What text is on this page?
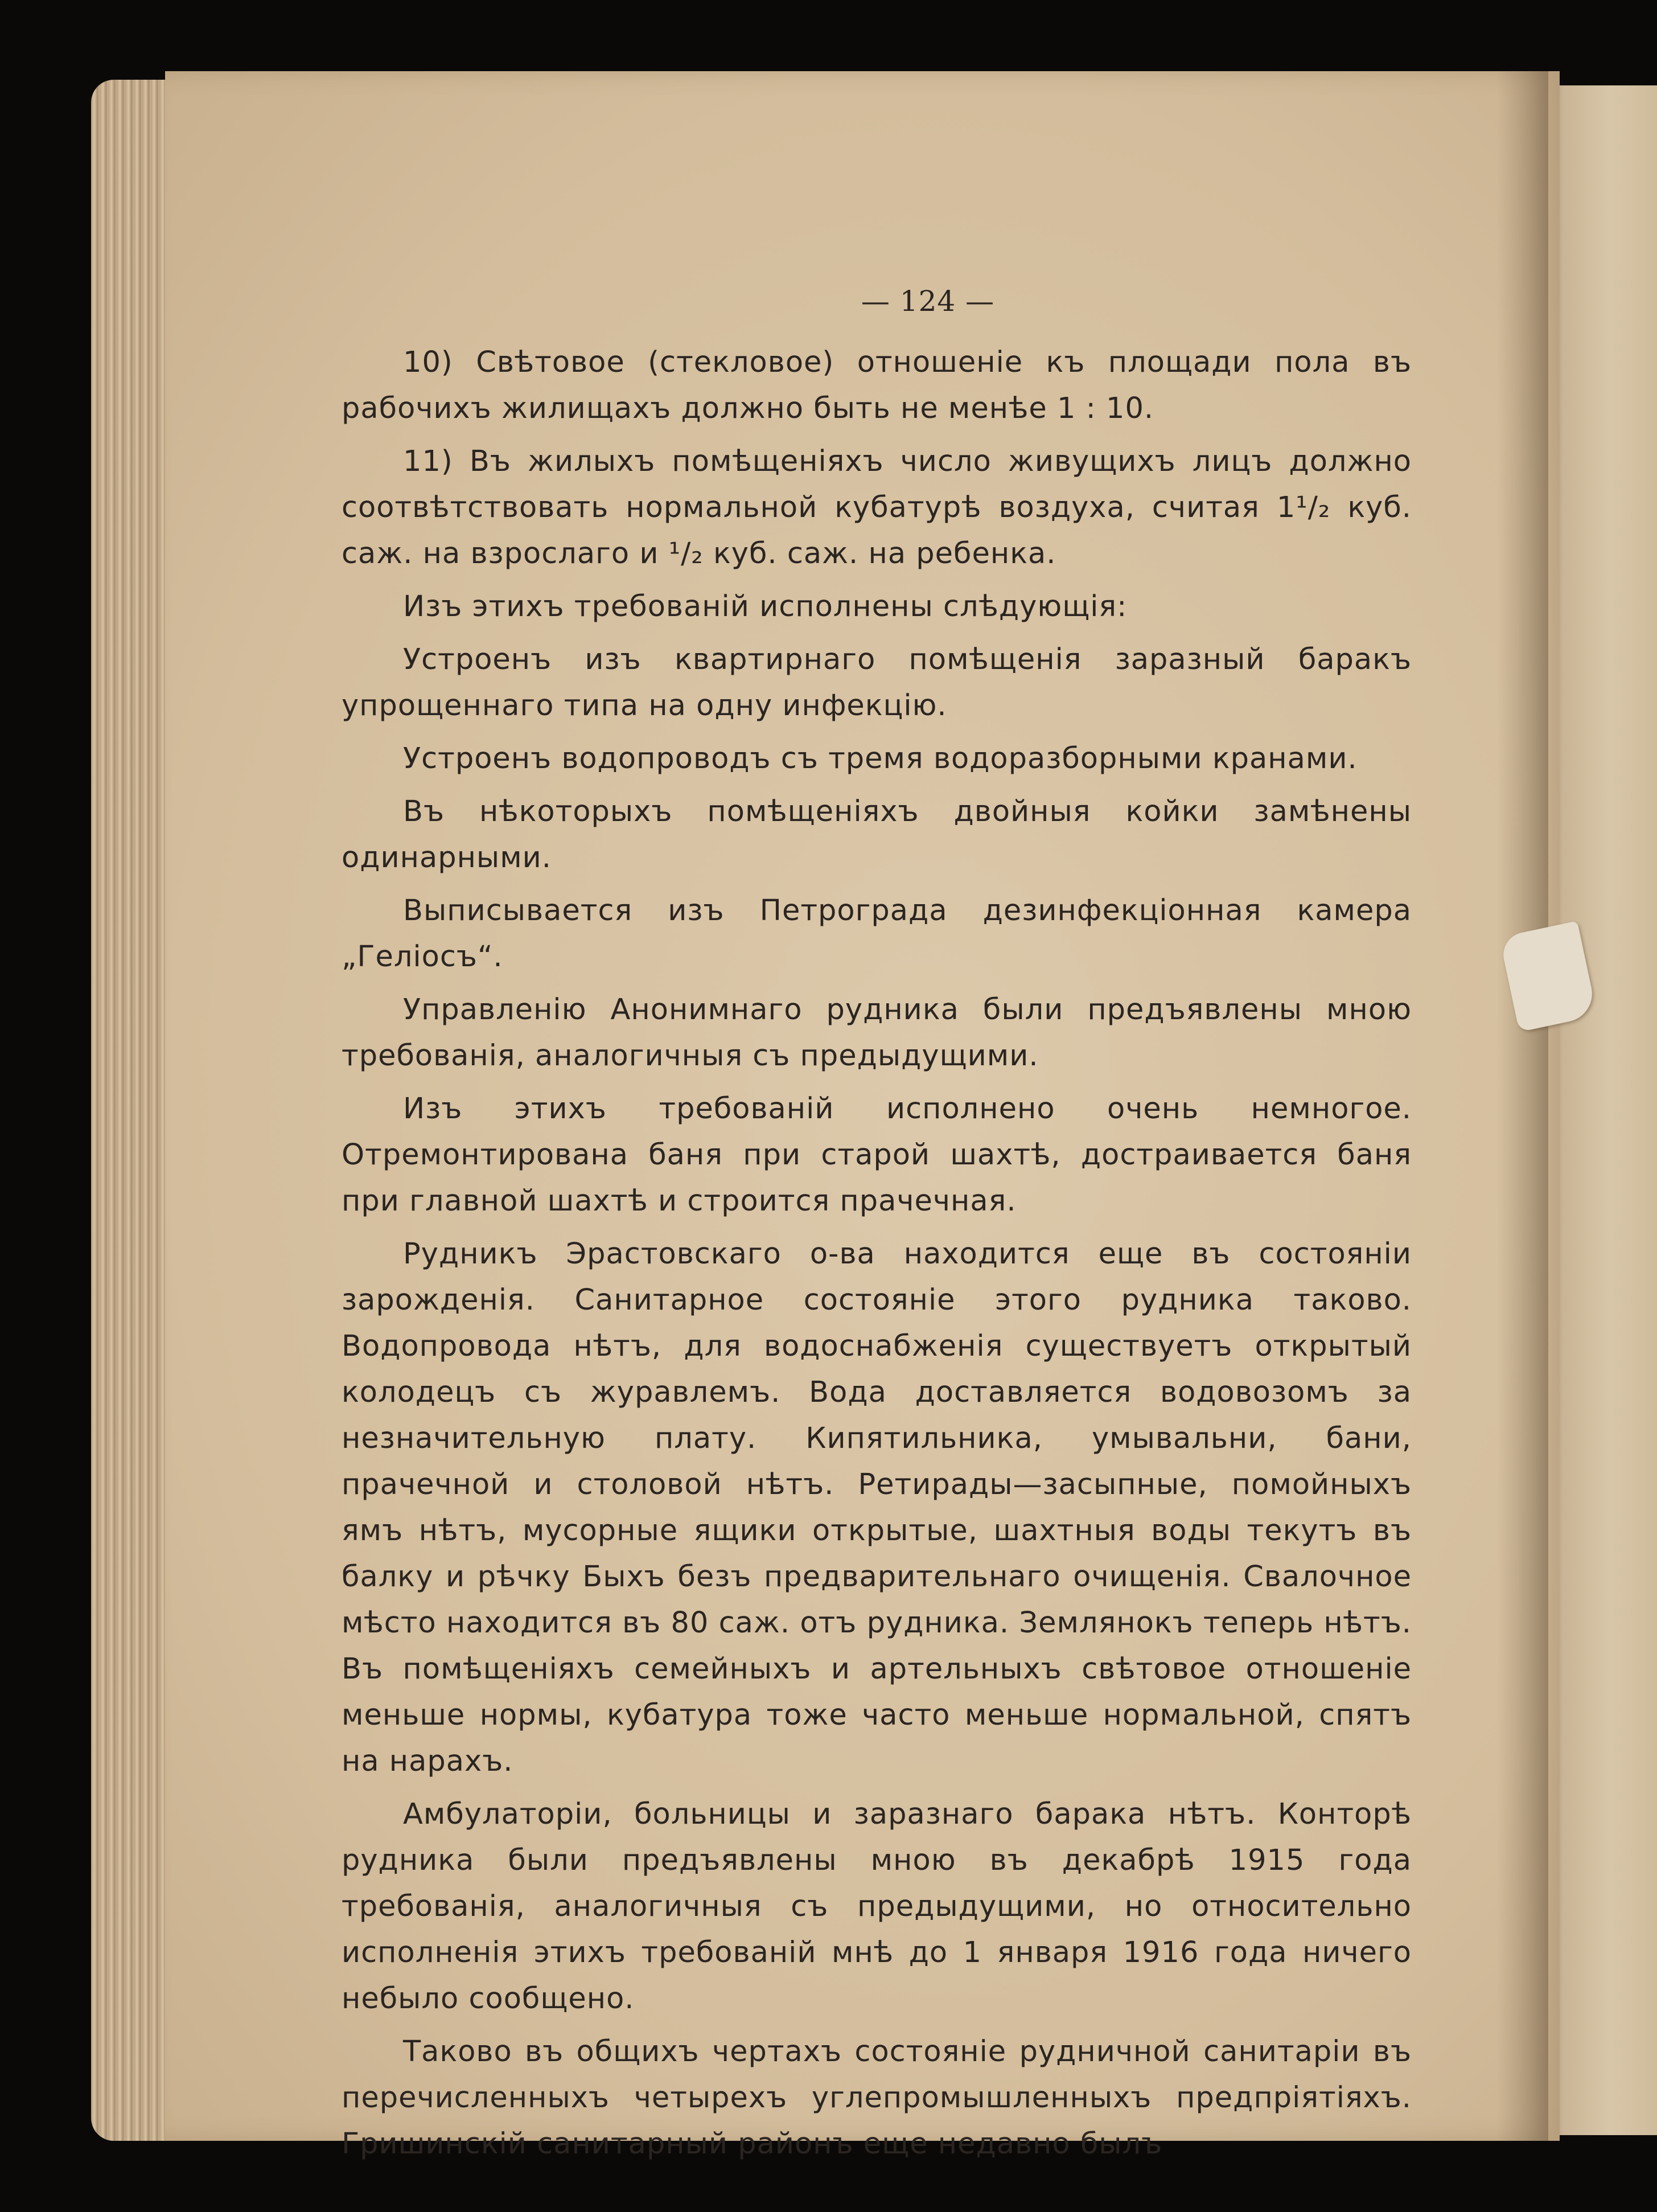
— 124 —

10) Свѣтовое (стекловое) отношеніе къ площади пола въ рабочихъ жилищахъ должно быть не менѣе 1 : 10.

11) Въ жилыхъ помѣщеніяхъ число живущихъ лицъ должно соотвѣтствовать нормальной кубатурѣ воздуха, считая 1¹/₂ куб. саж. на взрослаго и ¹/₂ куб. саж. на ребенка.

Изъ этихъ требованій исполнены слѣдующія:

Устроенъ изъ квартирнаго помѣщенія заразный баракъ упрощеннаго типа на одну инфекцію.

Устроенъ водопроводъ съ тремя водоразборными кранами.

Въ нѣкоторыхъ помѣщеніяхъ двойныя койки замѣнены одинарными.

Выписывается изъ Петрограда дезинфекціонная камера „Геліосъ“.

Управленію Анонимнаго рудника были предъявлены мною требованія, аналогичныя съ предыдущими.

Изъ этихъ требованій исполнено очень немногое. Отремонтирована баня при старой шахтѣ, достраивается баня при главной шахтѣ и строится прачечная.

Рудникъ Эрастовскаго о-ва находится еще въ состояніи зарожденія. Санитарное состояніе этого рудника таково. Водопровода нѣтъ, для водоснабженія существуетъ открытый колодецъ съ журавлемъ. Вода доставляется водовозомъ за незначительную плату. Кипятильника, умывальни, бани, прачечной и столовой нѣтъ. Ретирады—засыпные, помойныхъ ямъ нѣтъ, мусорные ящики открытые, шахтныя воды текутъ въ балку и рѣчку Быхъ безъ предварительнаго очищенія. Свалочное мѣсто находится въ 80 саж. отъ рудника. Землянокъ теперь нѣтъ. Въ помѣщеніяхъ семейныхъ и артельныхъ свѣтовое отношеніе меньше нормы, кубатура тоже часто меньше нормальной, спятъ на нарахъ.

Амбулаторіи, больницы и заразнаго барака нѣтъ. Конторѣ рудника были предъявлены мною въ декабрѣ 1915 года требованія, аналогичныя съ предыдущими, но относительно исполненія этихъ требованій мнѣ до 1 января 1916 года ничего небыло сообщено.

Таково въ общихъ чертахъ состояніе рудничной санитаріи въ перечисленныхъ четырехъ углепромышленныхъ предпріятіяхъ. Гришинскій санитарный районъ еще недавно былъ
